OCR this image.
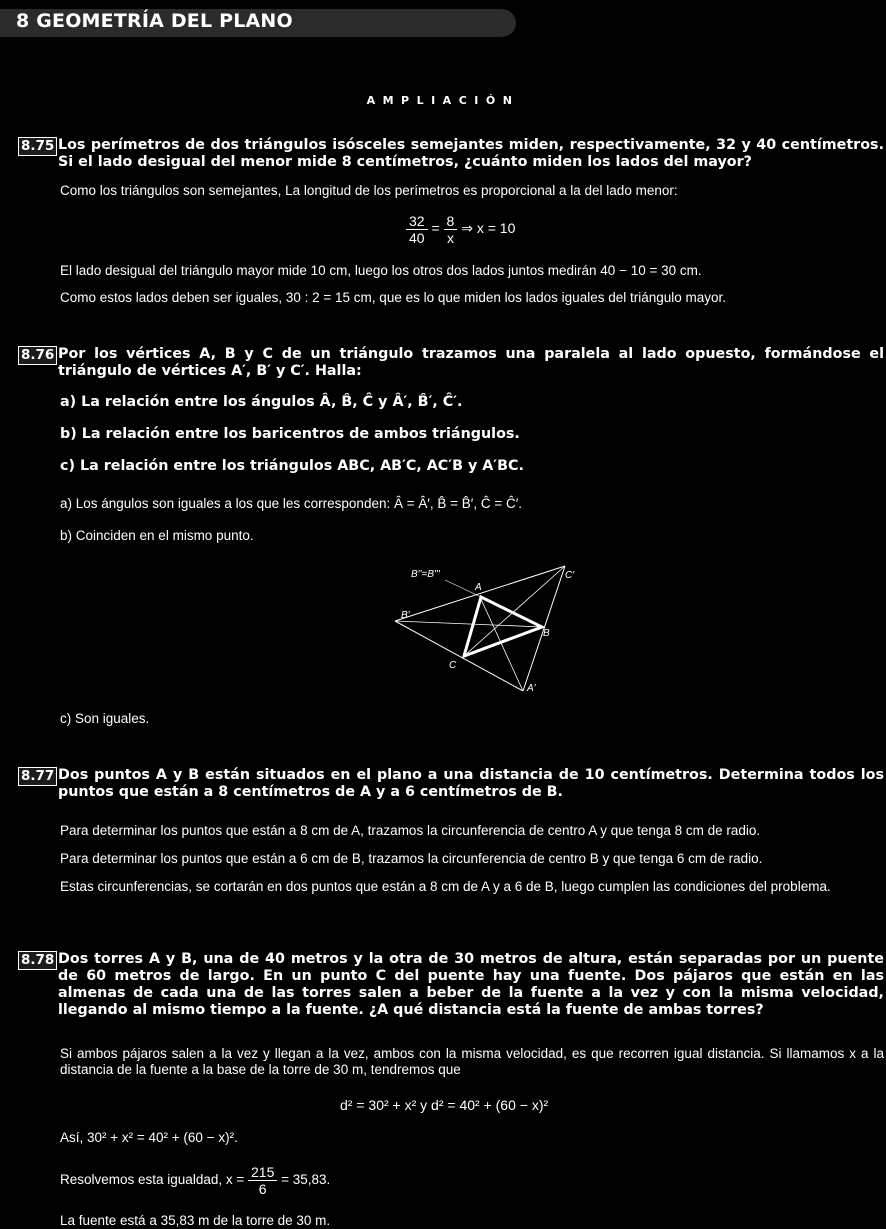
8 GEOMETRÍA DEL PLANO
AMPLIACIÓN
8.75 Los perímetros de dos triángulos isósceles semejantes miden, respectivamente, 32 y 40 centímetros. Si el lado desigual del menor mide 8 centímetros, ¿cuánto miden los lados del mayor?
Como los triángulos son semejantes, La longitud de los perímetros es proporcional a la del lado menor:
$\frac{32}{40} = \frac{8}{x}$ ⇒ x = 10
El lado desigual del triángulo mayor mide 10 cm, luego los otros dos lados juntos medirán 40 − 10 = 30 cm.
Como estos lados deben ser iguales, 30 : 2 = 15 cm, que es lo que miden los lados iguales del triángulo mayor.
8.76 Por los vértices A, B y C de un triángulo trazamos una paralela al lado opuesto, formándose el triángulo de vértices A′, B′ y C′. Halla:
a) La relación entre los ángulos Â, B̂, Ĉ y Â′, B̂′, Ĉ′.
b) La relación entre los baricentros de ambos triángulos.
c) La relación entre los triángulos ABC, AB′C, AC′B y A′BC.
a) Los ángulos son iguales a los que les corresponden: Â = Â′, B̂ = B̂′, Ĉ = Ĉ′.
b) Coinciden en el mismo punto.
B''=B'''
A
C'
B'
B
C
A'
c) Son iguales.
8.77 Dos puntos A y B están situados en el plano a una distancia de 10 centímetros. Determina todos los puntos que están a 8 centímetros de A y a 6 centímetros de B.
Para determinar los puntos que están a 8 cm de A, trazamos la circunferencia de centro A y que tenga 8 cm de radio.
Para determinar los puntos que están a 6 cm de B, trazamos la circunferencia de centro B y que tenga 6 cm de radio.
Estas circunferencias, se cortarán en dos puntos que están a 8 cm de A y a 6 de B, luego cumplen las condiciones del problema.
8.78 Dos torres A y B, una de 40 metros y la otra de 30 metros de altura, están separadas por un puente de 60 metros de largo. En un punto C del puente hay una fuente. Dos pájaros que están en las almenas de cada una de las torres salen a beber de la fuente a la vez y con la misma velocidad, llegando al mismo tiempo a la fuente. ¿A qué distancia está la fuente de ambas torres?
Si ambos pájaros salen a la vez y llegan a la vez, ambos con la misma velocidad, es que recorren igual distancia. Si llamamos x a la distancia de la fuente a la base de la torre de 30 m, tendremos que
d² = 30² + x² y d² = 40² + (60 − x)²
Así, 30² + x² = 40² + (60 − x)².
Resolvemos esta igualdad, $x = \frac{215}{6} = 35,83$.
La fuente está a 35,83 m de la torre de 30 m.
